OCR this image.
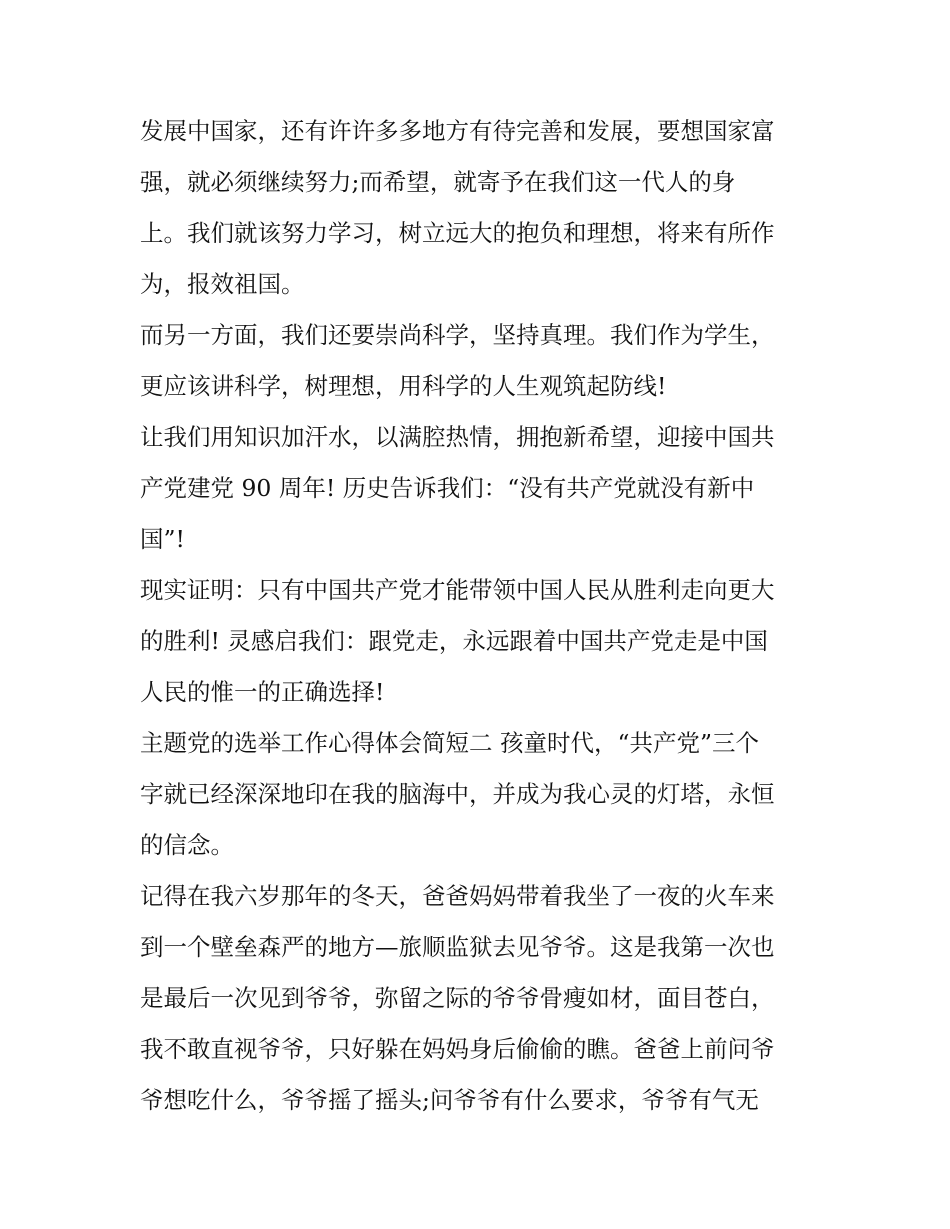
发展中国家，还有许许多多地方有待完善和发展，要想国家富
强，就必须继续努力;而希望，就寄予在我们这一代人的身
上。我们就该努力学习，树立远大的抱负和理想，将来有所作
为，报效祖国。
而另一方面，我们还要崇尚科学，坚持真理。我们作为学生，
更应该讲科学，树理想，用科学的人生观筑起防线!
让我们用知识加汗水，以满腔热情，拥抱新希望，迎接中国共
产党建党 90 周年! 历史告诉我们：“没有共产党就没有新中
国”!
现实证明：只有中国共产党才能带领中国人民从胜利走向更大
的胜利! 灵感启我们：跟党走，永远跟着中国共产党走是中国
人民的惟一的正确选择!
主题党的选举工作心得体会简短二 孩童时代，“共产党”三个
字就已经深深地印在我的脑海中，并成为我心灵的灯塔，永恒
的信念。
记得在我六岁那年的冬天，爸爸妈妈带着我坐了一夜的火车来
到一个壁垒森严的地方—旅顺监狱去见爷爷。这是我第一次也
是最后一次见到爷爷，弥留之际的爷爷骨瘦如材，面目苍白，
我不敢直视爷爷，只好躲在妈妈身后偷偷的瞧。爸爸上前问爷
爷想吃什么，爷爷摇了摇头;问爷爷有什么要求，爷爷有气无
